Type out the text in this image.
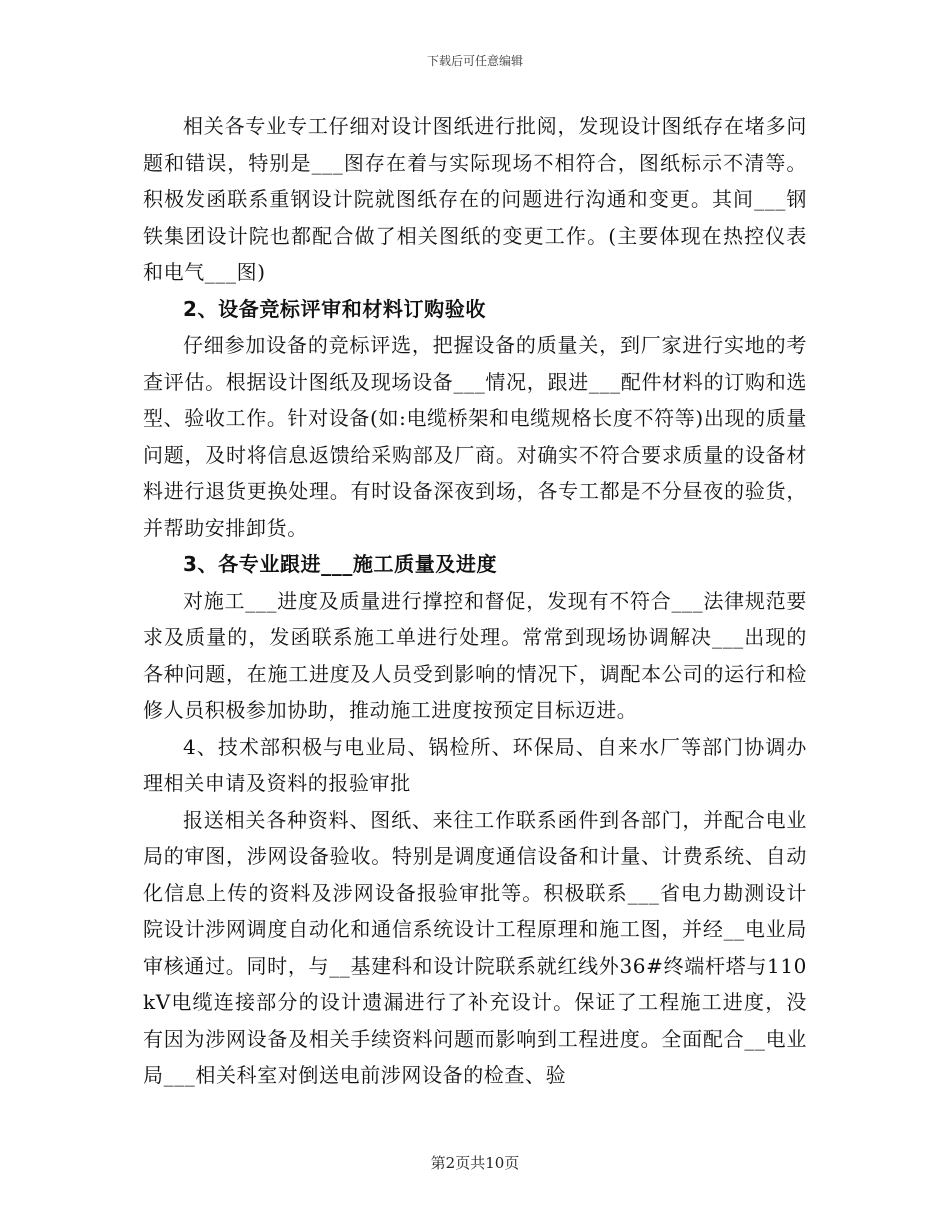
下载后可任意编辑

相关各专业专工仔细对设计图纸进行批阅，发现设计图纸存在堵多问题和错误，特别是___图存在着与实际现场不相符合，图纸标示不清等。积极发函联系重钢设计院就图纸存在的问题进行沟通和变更。其间___钢铁集团设计院也都配合做了相关图纸的变更工作。(主要体现在热控仪表和电气___图)

2、设备竞标评审和材料订购验收

仔细参加设备的竞标评选，把握设备的质量关，到厂家进行实地的考查评估。根据设计图纸及现场设备___情况，跟进___配件材料的订购和选型、验收工作。针对设备(如:电缆桥架和电缆规格长度不符等)出现的质量问题，及时将信息返馈给采购部及厂商。对确实不符合要求质量的设备材料进行退货更换处理。有时设备深夜到场，各专工都是不分昼夜的验货，并帮助安排卸货。

3、各专业跟进___施工质量及进度

对施工___进度及质量进行撑控和督促，发现有不符合___法律规范要求及质量的，发函联系施工单进行处理。常常到现场协调解决___出现的各种问题，在施工进度及人员受到影响的情况下，调配本公司的运行和检修人员积极参加协助，推动施工进度按预定目标迈进。

4、技术部积极与电业局、锅检所、环保局、自来水厂等部门协调办理相关申请及资料的报验审批

报送相关各种资料、图纸、来往工作联系函件到各部门，并配合电业局的审图，涉网设备验收。特别是调度通信设备和计量、计费系统、自动化信息上传的资料及涉网设备报验审批等。积极联系___省电力勘测设计院设计涉网调度自动化和通信系统设计工程原理和施工图，并经__电业局审核通过。同时，与__基建科和设计院联系就红线外36#终端杆塔与110kV电缆连接部分的设计遗漏进行了补充设计。保证了工程施工进度，没有因为涉网设备及相关手续资料问题而影响到工程进度。全面配合__电业局___相关科室对倒送电前涉网设备的检查、验

第2页共10页
